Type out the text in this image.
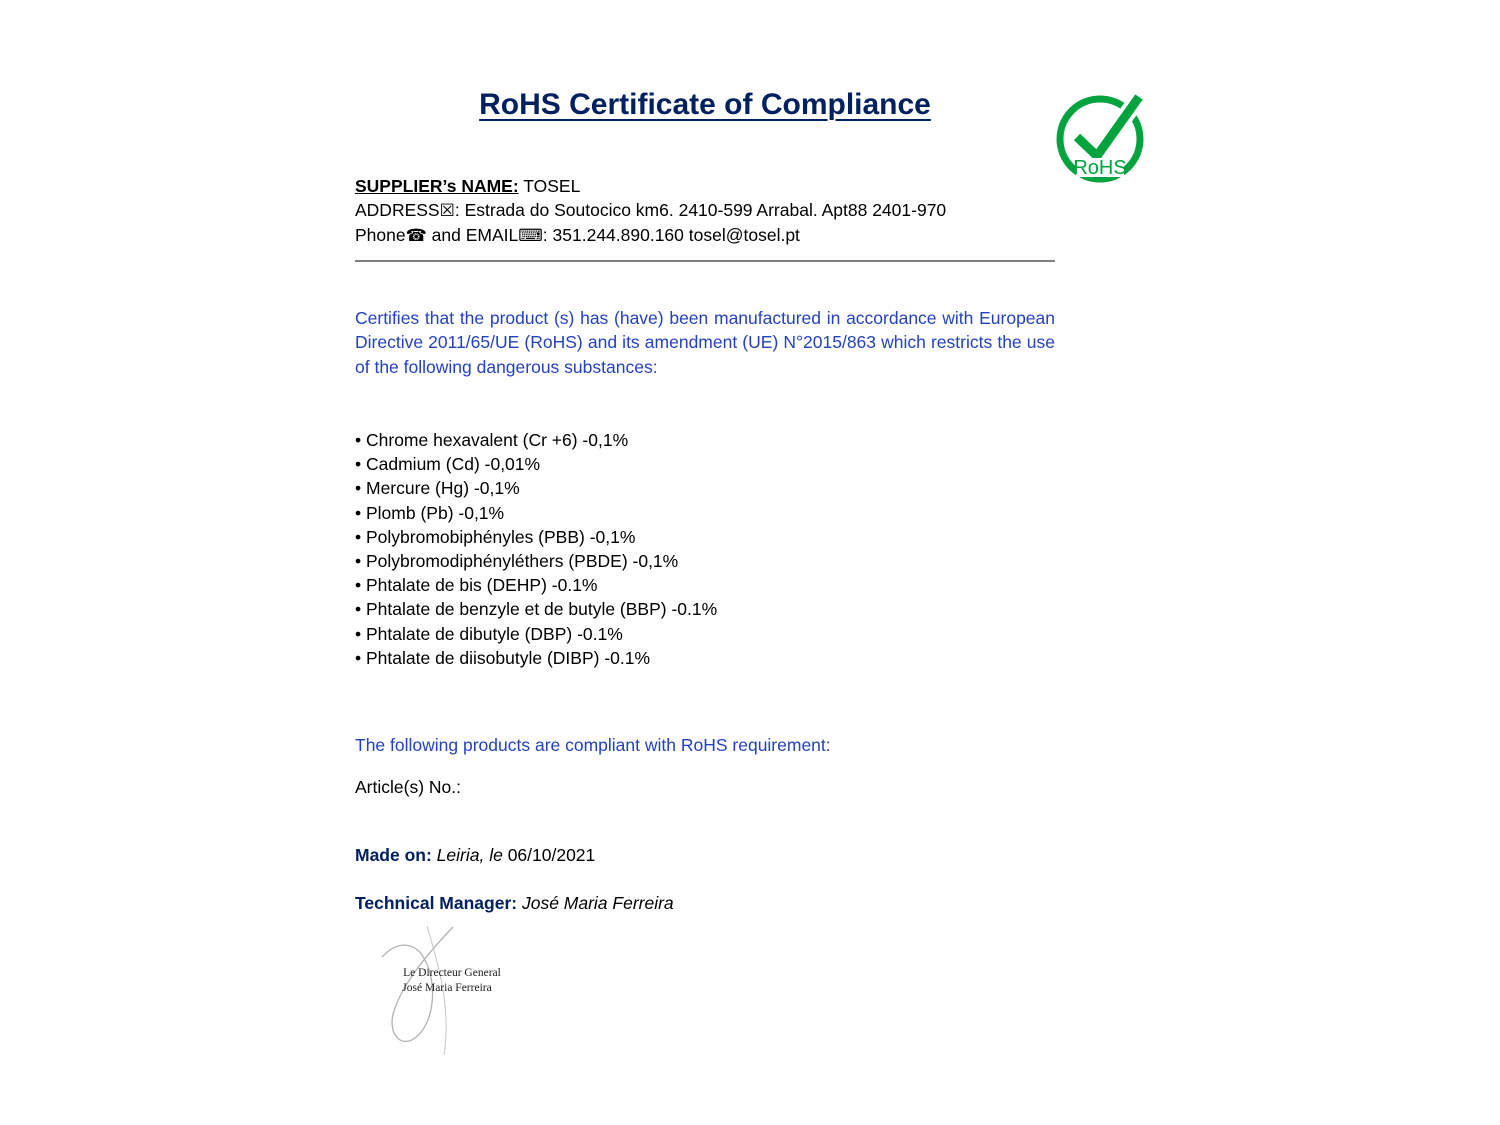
RoHS Certificate of Compliance
RoHS
SUPPLIER’s NAME: TOSEL
ADDRESS☒: Estrada do Soutocico km6. 2410-599 Arrabal. Apt88 2401-970
Phone☎ and EMAIL⌨: 351.244.890.160 tosel@tosel.pt

Certifies that the product (s) has (have) been manufactured in accordance with European Directive 2011/65/UE (RoHS) and its amendment (UE) N°2015/863 which restricts the use of the following dangerous substances:

• Chrome hexavalent (Cr +6) -0,1%
• Cadmium (Cd) -0,01%
• Mercure (Hg) -0,1%
• Plomb (Pb) -0,1%
• Polybromobiphényles (PBB) -0,1%
• Polybromodiphényléthers (PBDE) -0,1%
• Phtalate de bis (DEHP) -0.1%
• Phtalate de benzyle et de butyle (BBP) -0.1%
• Phtalate de dibutyle (DBP) -0.1%
• Phtalate de diisobutyle (DIBP) -0.1%

The following products are compliant with RoHS requirement:

Article(s) No.:

Made on: Leiria, le 06/10/2021

Technical Manager: José Maria Ferreira

Le Directeur General
José Maria Ferreira
